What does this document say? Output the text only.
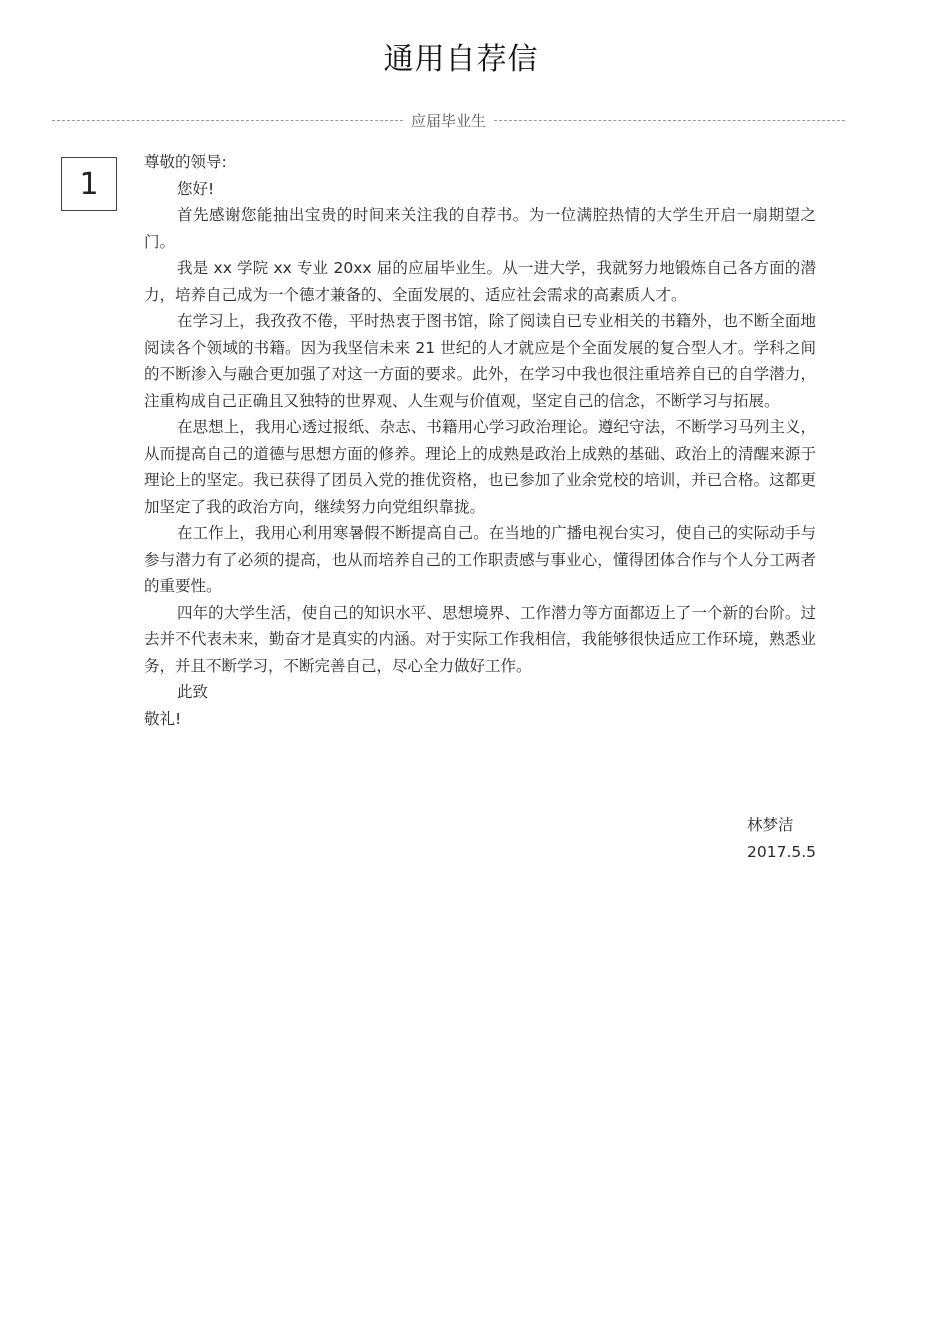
通用自荐信
应届毕业生
1

尊敬的领导:

您好!

首先感谢您能抽出宝贵的时间来关注我的自荐书。为一位满腔热情的大学生开启一扇期望之门。

我是 xx 学院 xx 专业 20xx 届的应届毕业生。从一进大学，我就努力地锻炼自己各方面的潜力，培养自己成为一个德才兼备的、全面发展的、适应社会需求的高素质人才。

在学习上，我孜孜不倦，平时热衷于图书馆，除了阅读自已专业相关的书籍外，也不断全面地阅读各个领域的书籍。因为我坚信未来 21 世纪的人才就应是个全面发展的复合型人才。学科之间的不断渗入与融合更加强了对这一方面的要求。此外，在学习中我也很注重培养自已的自学潜力，注重构成自己正确且又独特的世界观、人生观与价值观，坚定自己的信念，不断学习与拓展。

在思想上，我用心透过报纸、杂志、书籍用心学习政治理论。遵纪守法，不断学习马列主义，从而提高自己的道德与思想方面的修养。理论上的成熟是政治上成熟的基础、政治上的清醒来源于理论上的坚定。我已获得了团员入党的推优资格，也已参加了业余党校的培训，并已合格。这都更加坚定了我的政治方向，继续努力向党组织靠拢。

在工作上，我用心利用寒暑假不断提高自己。在当地的广播电视台实习，使自己的实际动手与参与潜力有了必须的提高，也从而培养自己的工作职责感与事业心，懂得团体合作与个人分工两者的重要性。

四年的大学生活，使自己的知识水平、思想境界、工作潜力等方面都迈上了一个新的台阶。过去并不代表未来，勤奋才是真实的内涵。对于实际工作我相信，我能够很快适应工作环境，熟悉业务，并且不断学习，不断完善自己，尽心全力做好工作。

此致

敬礼!

林梦洁
2017.5.5
